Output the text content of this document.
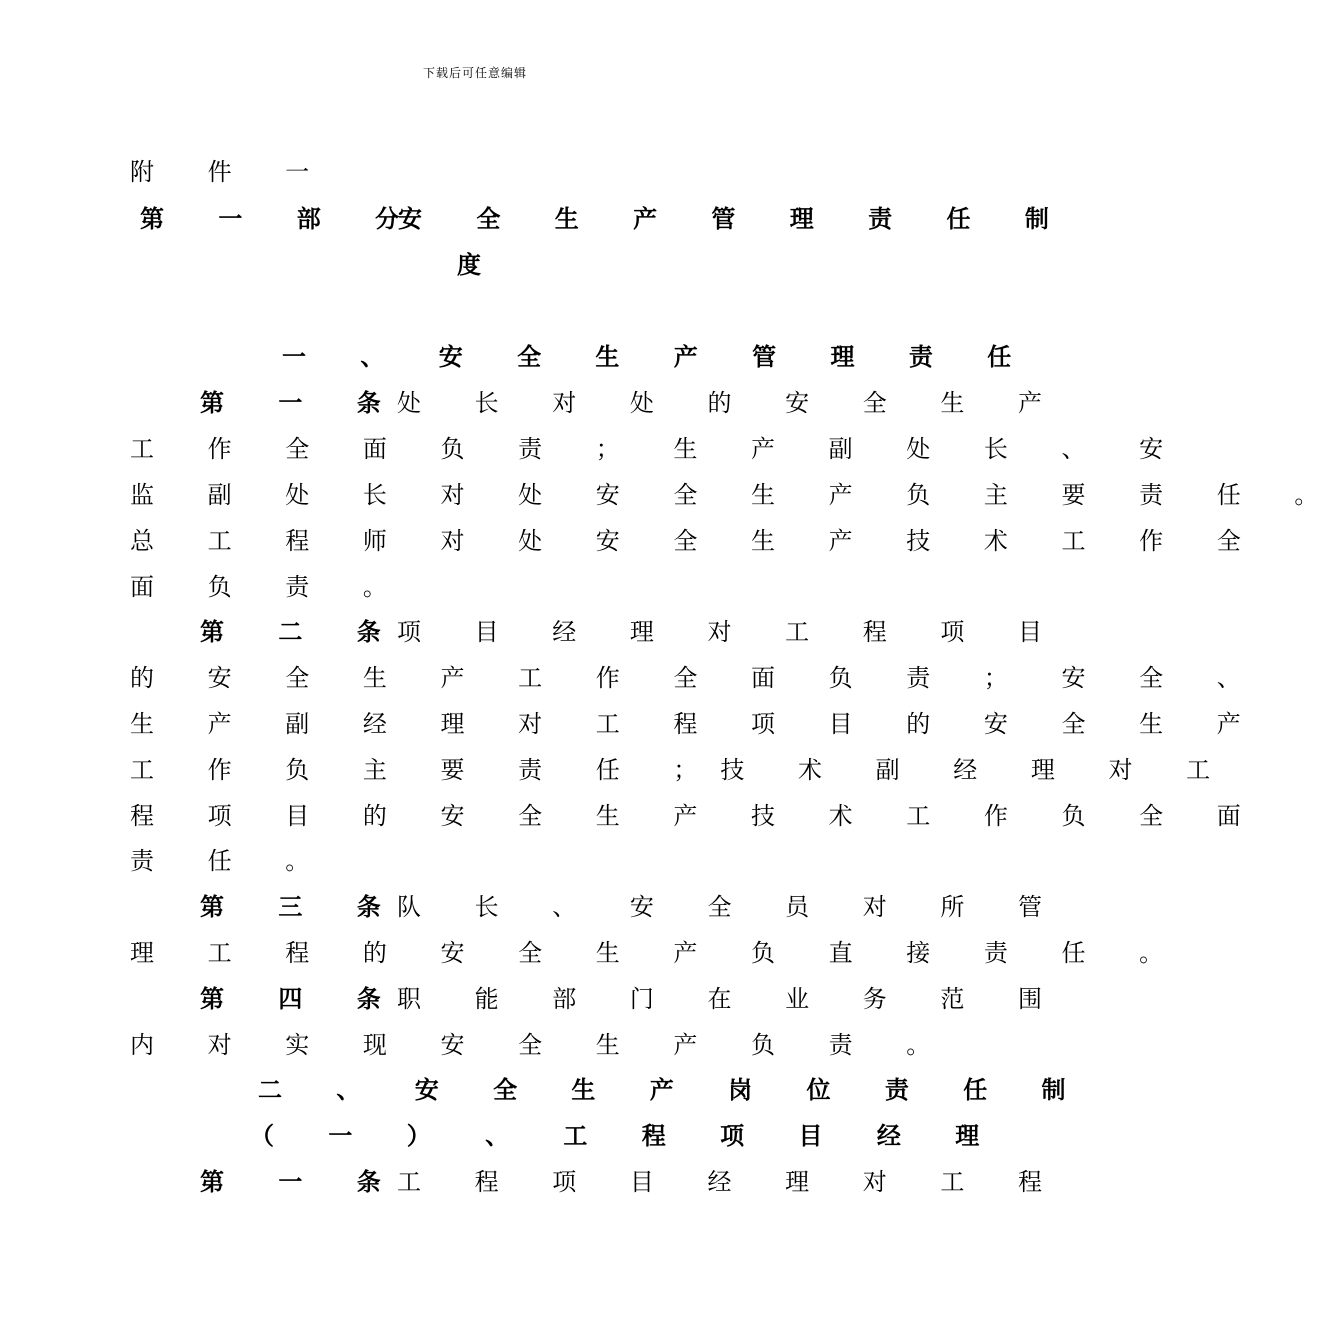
下载后可任意编辑
附 件 一
第 一 部 分
安 全 生 产 管 理 责 任 制
度
一 、 安 全 生 产 管 理 责 任
第 一 条
处 长 对 处 的 安 全 生 产
工 作 全 面 负 责 ； 生 产 副 处 长 、 安
监 副 处 长 对 处 安 全 生 产 负 主 要 责 任 。
总 工 程 师 对 处 安 全 生 产 技 术 工 作 全
面 负 责 。
第 二 条
项 目 经 理 对 工 程 项 目
的 安 全 生 产 工 作 全 面 负 责 ； 安 全 、
生 产 副 经 理 对 工 程 项 目 的 安 全 生 产
工 作 负 主 要 责 任 ；技 术 副 经 理 对 工
程 项 目 的 安 全 生 产 技 术 工 作 负 全 面
责 任 。
第 三 条
队 长 、 安 全 员 对 所 管
理 工 程 的 安 全 生 产 负 直 接 责 任 。
第 四 条
职 能 部 门 在 业 务 范 围
内 对 实 现 安 全 生 产 负 责 。
二 、 安 全 生 产 岗 位 责 任 制
（ 一 ） 、 工 程 项 目 经 理
第 一 条
工 程 项 目 经 理 对 工 程
